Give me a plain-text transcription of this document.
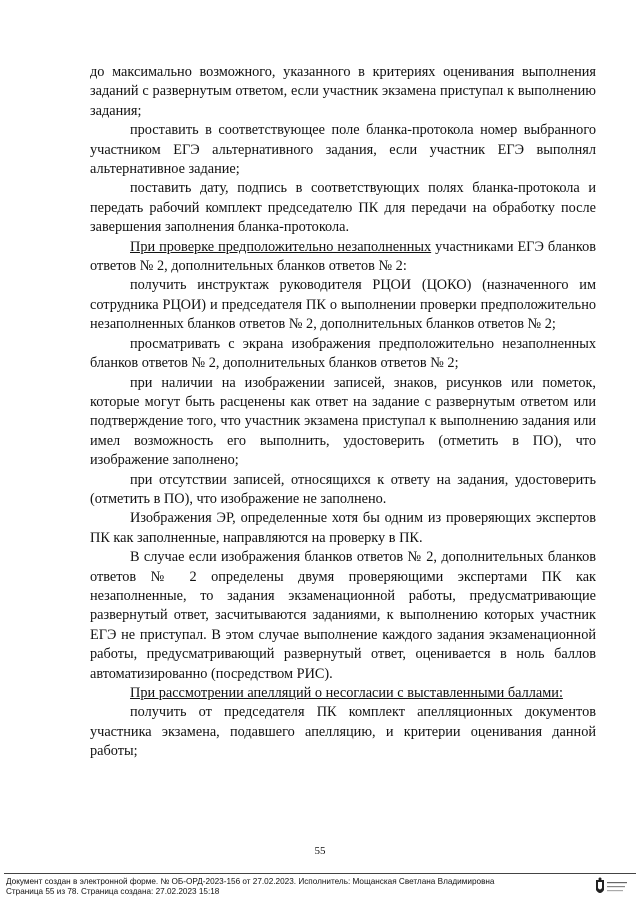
до максимально возможного, указанного в критериях оценивания выполнения заданий с развернутым ответом, если участник экзамена приступал к выполнению задания;

проставить в соответствующее поле бланка-протокола номер выбранного участником ЕГЭ альтернативного задания, если участник ЕГЭ выполнял альтернативное задание;

поставить дату, подпись в соответствующих полях бланка-протокола и передать рабочий комплект председателю ПК для передачи на обработку после завершения заполнения бланка-протокола.

При проверке предположительно незаполненных участниками ЕГЭ бланков ответов № 2, дополнительных бланков ответов № 2:

получить инструктаж руководителя РЦОИ (ЦОКО) (назначенного им сотрудника РЦОИ) и председателя ПК о выполнении проверки предположительно незаполненных бланков ответов № 2, дополнительных бланков ответов № 2;

просматривать с экрана изображения предположительно незаполненных бланков ответов № 2, дополнительных бланков ответов № 2;

при наличии на изображении записей, знаков, рисунков или пометок, которые могут быть расценены как ответ на задание с развернутым ответом или подтверждение того, что участник экзамена приступал к выполнению задания или имел возможность его выполнить, удостоверить (отметить в ПО), что изображение заполнено;

при отсутствии записей, относящихся к ответу на задания, удостоверить (отметить в ПО), что изображение не заполнено.

Изображения ЭР, определенные хотя бы одним из проверяющих экспертов ПК как заполненные, направляются на проверку в ПК.

В случае если изображения бланков ответов № 2, дополнительных бланков ответов № 2 определены двумя проверяющими экспертами ПК как незаполненные, то задания экзаменационной работы, предусматривающие развернутый ответ, засчитываются заданиями, к выполнению которых участник ЕГЭ не приступал. В этом случае выполнение каждого задания экзаменационной работы, предусматривающий развернутый ответ, оценивается в ноль баллов автоматизированно (посредством РИС).

При рассмотрении апелляций о несогласии с выставленными баллами:

получить от председателя ПК комплект апелляционных документов участника экзамена, подавшего апелляцию, и критерии оценивания данной работы;

55
Документ создан в электронной форме. № ОБ-ОРД-2023-156 от 27.02.2023. Исполнитель: Мощанская Светлана Владимировна
Страница 55 из 78. Страница создана: 27.02.2023 15:18
